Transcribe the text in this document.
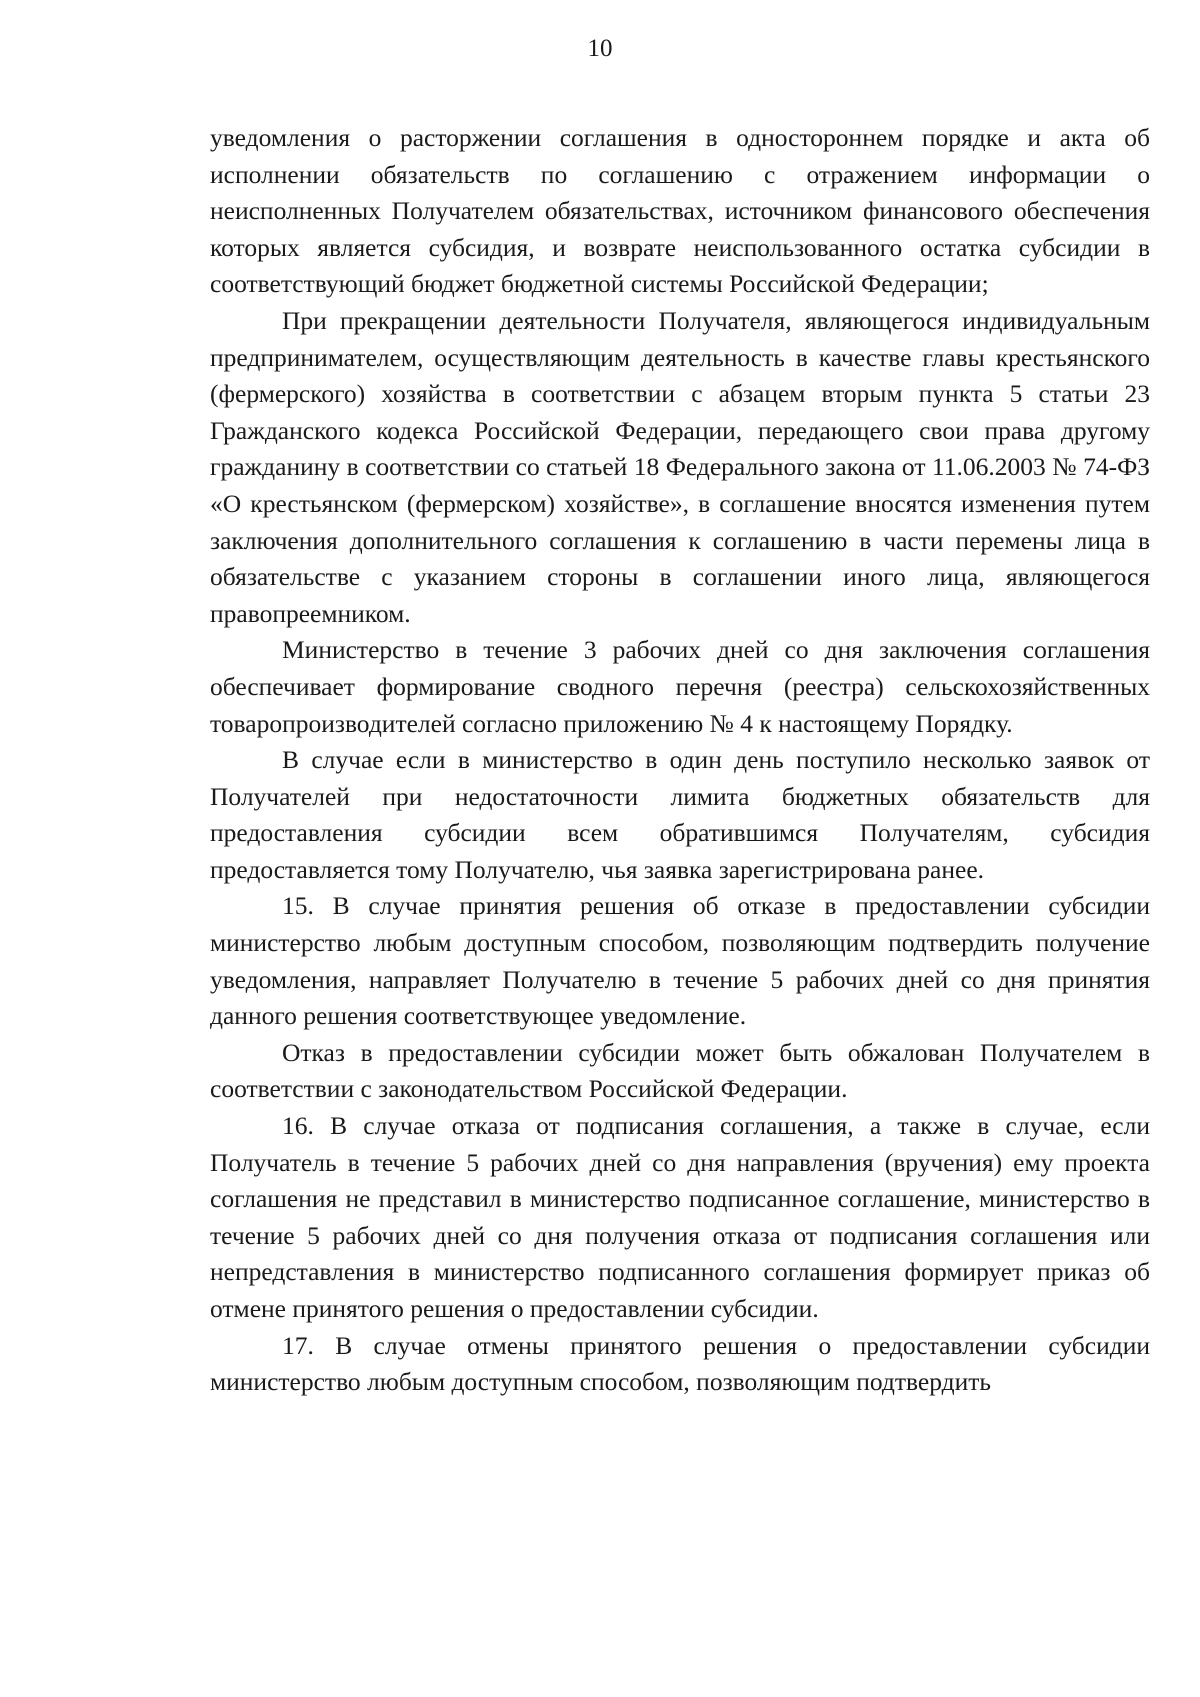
10

уведомления о расторжении соглашения в одностороннем порядке и акта об исполнении обязательств по соглашению с отражением информации о неисполненных Получателем обязательствах, источником финансового обеспечения которых является субсидия, и возврате неиспользованного остатка субсидии в соответствующий бюджет бюджетной системы Российской Федерации;

При прекращении деятельности Получателя, являющегося индивидуальным предпринимателем, осуществляющим деятельность в качестве главы крестьянского (фермерского) хозяйства в соответствии с абзацем вторым пункта 5 статьи 23 Гражданского кодекса Российской Федерации, передающего свои права другому гражданину в соответствии со статьей 18 Федерального закона от 11.06.2003 № 74-ФЗ «О крестьянском (фермерском) хозяйстве», в соглашение вносятся изменения путем заключения дополнительного соглашения к соглашению в части перемены лица в обязательстве с указанием стороны в соглашении иного лица, являющегося правопреемником.

Министерство в течение 3 рабочих дней со дня заключения соглашения обеспечивает формирование сводного перечня (реестра) сельскохозяйственных товаропроизводителей согласно приложению № 4 к настоящему Порядку.

В случае если в министерство в один день поступило несколько заявок от Получателей при недостаточности лимита бюджетных обязательств для предоставления субсидии всем обратившимся Получателям, субсидия предоставляется тому Получателю, чья заявка зарегистрирована ранее.

15. В случае принятия решения об отказе в предоставлении субсидии министерство любым доступным способом, позволяющим подтвердить получение уведомления, направляет Получателю в течение 5 рабочих дней со дня принятия данного решения соответствующее уведомление.

Отказ в предоставлении субсидии может быть обжалован Получателем в соответствии с законодательством Российской Федерации.

16. В случае отказа от подписания соглашения, а также в случае, если Получатель в течение 5 рабочих дней со дня направления (вручения) ему проекта соглашения не представил в министерство подписанное соглашение, министерство в течение 5 рабочих дней со дня получения отказа от подписания соглашения или непредставления в министерство подписанного соглашения формирует приказ об отмене принятого решения о предоставлении субсидии.

17. В случае отмены принятого решения о предоставлении субсидии министерство любым доступным способом, позволяющим подтвердить
